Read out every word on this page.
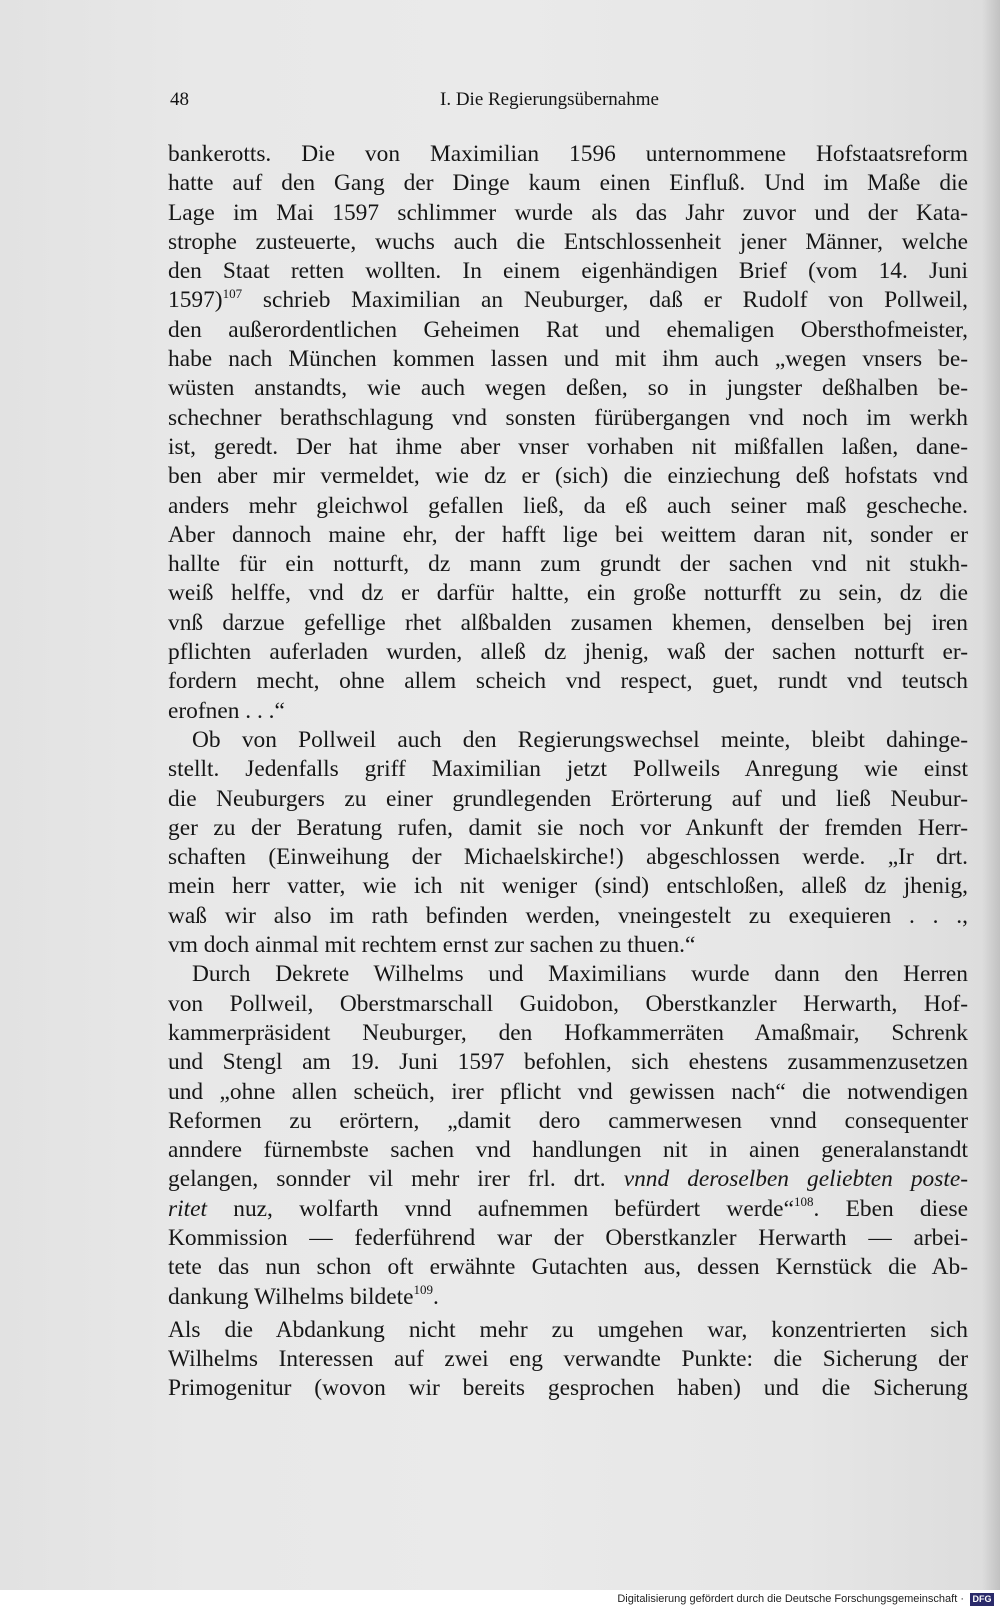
48	I. Die Regierungsübernahme
bankerotts. Die von Maximilian 1596 unternommene Hofstaatsreform
hatte auf den Gang der Dinge kaum einen Einfluß. Und im Maße die
Lage im Mai 1597 schlimmer wurde als das Jahr zuvor und der Kata-
strophe zusteuerte, wuchs auch die Entschlossenheit jener Männer, welche
den Staat retten wollten. In einem eigenhändigen Brief (vom 14. Juni
1597)$^{107}$ schrieb Maximilian an Neuburger, daß er Rudolf von Pollweil,
den außerordentlichen Geheimen Rat und ehemaligen Obersthofmeister,
habe nach München kommen lassen und mit ihm auch „wegen vnsers be-
wüsten anstandts, wie auch wegen deßen, so in jungster deßhalben be-
schechner berathschlagung vnd sonsten fürübergangen vnd noch im werkh
ist, geredt. Der hat ihme aber vnser vorhaben nit mißfallen laßen, dane-
ben aber mir vermeldet, wie dz er (sich) die einziechung deß hofstats vnd
anders mehr gleichwol gefallen ließ, da eß auch seiner maß gescheche.
Aber dannoch maine ehr, der hafft lige bei weittem daran nit, sonder er
hallte für ein notturft, dz mann zum grundt der sachen vnd nit stukh-
weiß helffe, vnd dz er darfür haltte, ein große notturfft zu sein, dz die
vnß darzue gefellige rhet alßbalden zusamen khemen, denselben bej iren
pflichten auferladen wurden, alleß dz jhenig, waß der sachen notturft er-
fordern mecht, ohne allem scheich vnd respect, guet, rundt vnd teutsch
erofnen . . .“
Ob von Pollweil auch den Regierungswechsel meinte, bleibt dahinge-
stellt. Jedenfalls griff Maximilian jetzt Pollweils Anregung wie einst
die Neuburgers zu einer grundlegenden Erörterung auf und ließ Neubur-
ger zu der Beratung rufen, damit sie noch vor Ankunft der fremden Herr-
schaften (Einweihung der Michaelskirche!) abgeschlossen werde. „Ir drt.
mein herr vatter, wie ich nit weniger (sind) entschloßen, alleß dz jhenig,
waß wir also im rath befinden werden, vneingestelt zu exequieren . . .,
vm doch ainmal mit rechtem ernst zur sachen zu thuen.“
Durch Dekrete Wilhelms und Maximilians wurde dann den Herren
von Pollweil, Oberstmarschall Guidobon, Oberstkanzler Herwarth, Hof-
kammerpräsident Neuburger, den Hofkammerräten Amaßmair, Schrenk
und Stengl am 19. Juni 1597 befohlen, sich ehestens zusammenzusetzen
und „ohne allen scheüch, irer pflicht vnd gewissen nach“ die notwendigen
Reformen zu erörtern, „damit dero cammerwesen vnnd consequenter
anndere fürnembste sachen vnd handlungen nit in ainen generalanstandt
gelangen, sonnder vil mehr irer frl. drt. vnnd deroselben geliebten poste-
ritet nuz, wolfarth vnnd aufnemmen befürdert werde“$^{108}$. Eben diese
Kommission — federführend war der Oberstkanzler Herwarth — arbei-
tete das nun schon oft erwähnte Gutachten aus, dessen Kernstück die Ab-
dankung Wilhelms bildete$^{109}$.
Als die Abdankung nicht mehr zu umgehen war, konzentrierten sich
Wilhelms Interessen auf zwei eng verwandte Punkte: die Sicherung der
Primogenitur (wovon wir bereits gesprochen haben) und die Sicherung
Digitalisierung gefördert durch die Deutsche Forschungsgemeinschaft · DFG
